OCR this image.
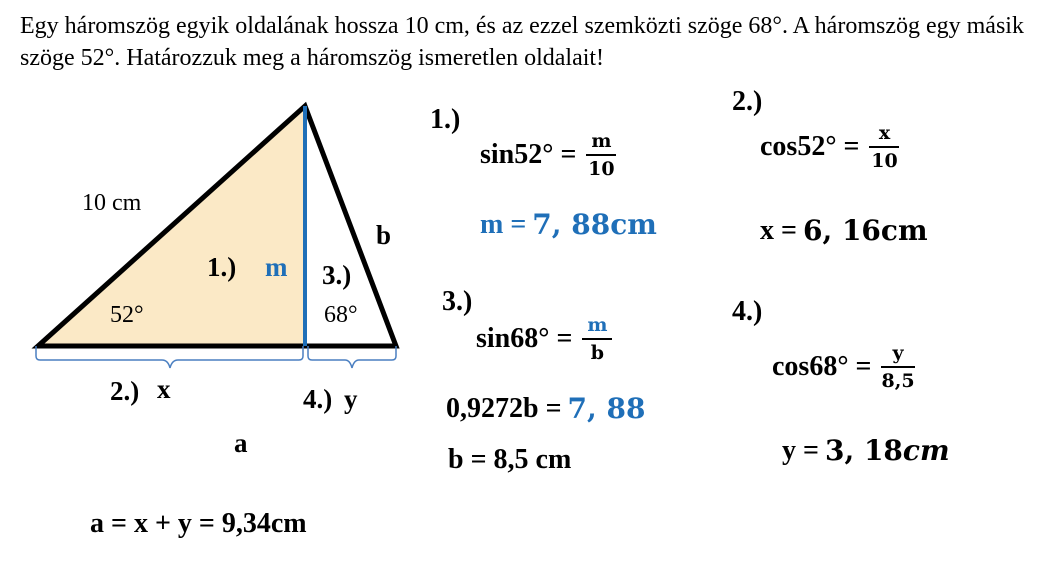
Egy háromszög egyik oldalának hossza 10 cm, és az ezzel szemközti szöge 68°. A háromszög egy másik szöge 52°. Határozzuk meg a háromszög ismeretlen oldalait!
10 cm
52°	68°
b
1.) m 3.)
2.) x	4.) y
a
a = x + y = 9,34cm
1.)
$\sin 52^\circ = \frac{m}{10}$
m = 7, 88cm
2.)
$\cos 52^\circ = \frac{x}{10}$
x = 6, 16cm
3.)
$\sin 68^\circ = \frac{m}{b}$
0,9272b = 7, 88
b = 8,5 cm
4.)
$\cos 68^\circ = \frac{y}{8,5}$
y = 3, 18 cm
